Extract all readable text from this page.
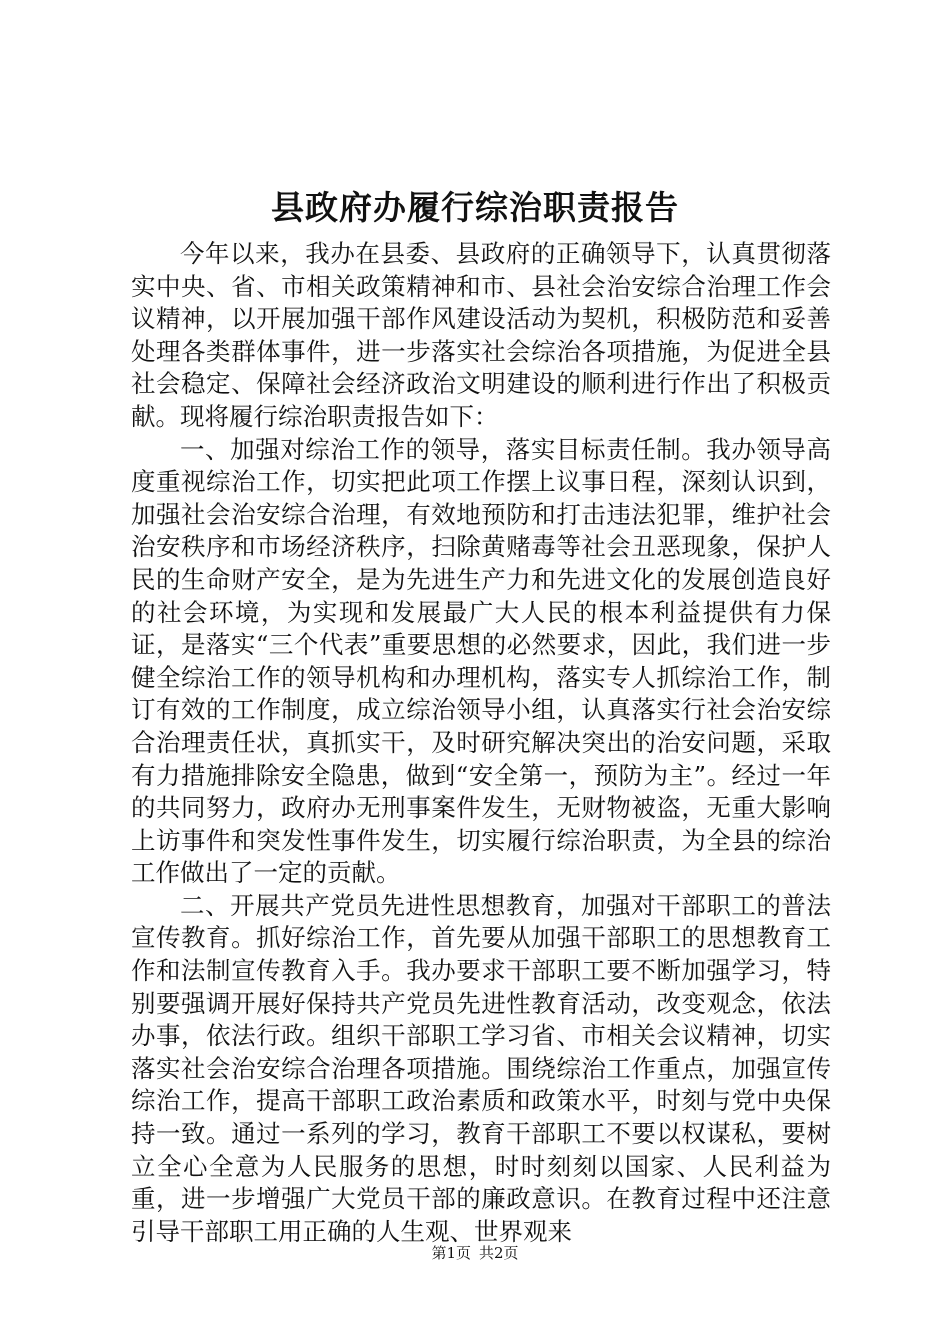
县政府办履行综治职责报告

今年以来，我办在县委、县政府的正确领导下，认真贯彻落实中央、省、市相关政策精神和市、县社会治安综合治理工作会议精神，以开展加强干部作风建设活动为契机，积极防范和妥善处理各类群体事件，进一步落实社会综治各项措施，为促进全县社会稳定、保障社会经济政治文明建设的顺利进行作出了积极贡献。现将履行综治职责报告如下：

一、加强对综治工作的领导，落实目标责任制。我办领导高度重视综治工作，切实把此项工作摆上议事日程，深刻认识到，加强社会治安综合治理，有效地预防和打击违法犯罪，维护社会治安秩序和市场经济秩序，扫除黄赌毒等社会丑恶现象，保护人民的生命财产安全，是为先进生产力和先进文化的发展创造良好的社会环境，为实现和发展最广大人民的根本利益提供有力保证，是落实“三个代表”重要思想的必然要求，因此，我们进一步健全综治工作的领导机构和办理机构，落实专人抓综治工作，制订有效的工作制度，成立综治领导小组，认真落实行社会治安综合治理责任状，真抓实干，及时研究解决突出的治安问题，采取有力措施排除安全隐患，做到“安全第一，预防为主”。经过一年的共同努力，政府办无刑事案件发生，无财物被盗，无重大影响上访事件和突发性事件发生，切实履行综治职责，为全县的综治工作做出了一定的贡献。

二、开展共产党员先进性思想教育，加强对干部职工的普法宣传教育。抓好综治工作，首先要从加强干部职工的思想教育工作和法制宣传教育入手。我办要求干部职工要不断加强学习，特别要强调开展好保持共产党员先进性教育活动，改变观念，依法办事，依法行政。组织干部职工学习省、市相关会议精神，切实落实社会治安综合治理各项措施。围绕综治工作重点，加强宣传综治工作，提高干部职工政治素质和政策水平，时刻与党中央保持一致。通过一系列的学习，教育干部职工不要以权谋私，要树立全心全意为人民服务的思想，时时刻刻以国家、人民利益为重，进一步增强广大党员干部的廉政意识。在教育过程中还注意引导干部职工用正确的人生观、世界观来

第1页 共2页
